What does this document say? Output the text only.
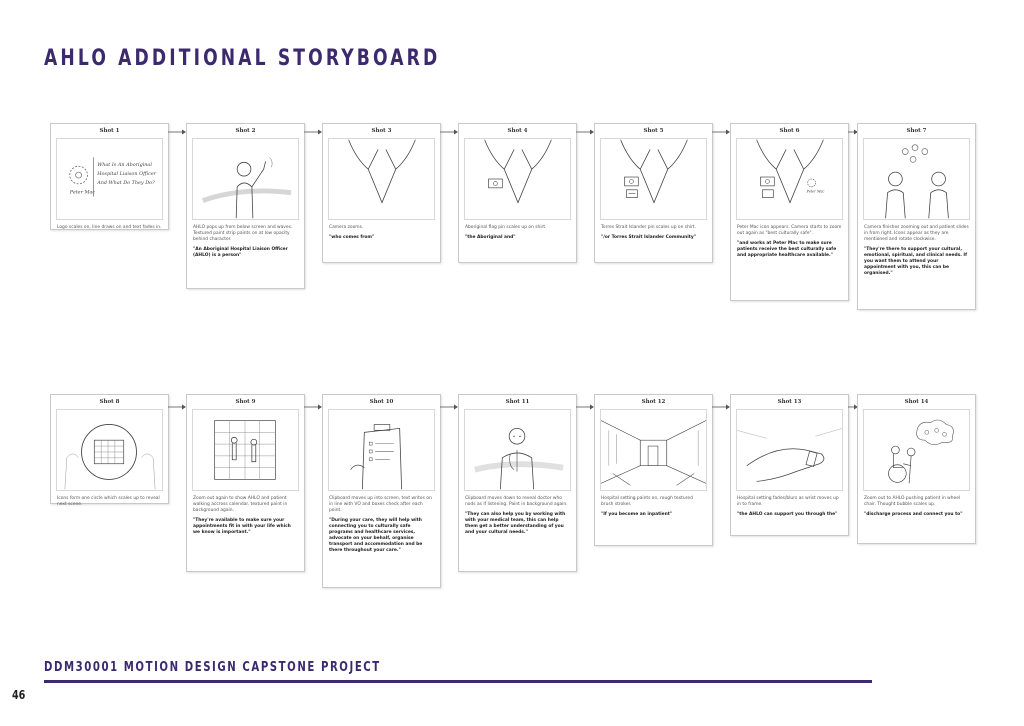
AHLO ADDITIONAL STORYBOARD
Shot 1
Peter Mac
What Is An Aboriginal
Hospital Liaison Officer
And What Do They Do?
Logo scales on, line draws on and text fades in.
Shot 2
AHLO pops up from below screen and waves. Textured paint strip paints on at low opacity behind character.
"An Aboriginal Hospital Liaison Officer (AHLO) is a person"
Shot 3
Camera zooms.
"who comes from"
Shot 4
Aboriginal flag pin scales up on shirt.
"the Aboriginal and"
Shot 5
Torres Strait Islander pin scales up on shirt.
"/or Torres Strait Islander Community"
Shot 6
Peter Mac
Peter Mac icon appears. Camera starts to zoom out again as "best culturally safe".
"and works at Peter Mac to make sure patients receive the best culturally safe and appropriate healthcare available."
Shot 7
Camera finishes zooming out and patient slides in from right. Icons appear as they are mentioned and rotate clockwise.
"They're there to support your cultural, emotional, spiritual, and clinical needs. If you want them to attend your appointment with you, this can be organised."
Shot 8
Icons form one circle which scales up to reveal next scene.
Shot 9
Zoom out again to show AHLO and patient walking accross calendar. textured paint in background again.
"They're available to make sure your appointments fit in with your life which we know is important."
Shot 10
Clipboard moves up into screen, text writes on in line with VO and boxes check after each point.
"During your care, they will help with connecting you to culturally safe programs and healthcare services, advocate on your behalf, organise transport and accommodation and be there throughout your care."
Shot 11
Clipboard moves down to reveal doctor who nods as if listening. Paint in background again.
"They can also help you by working with with your medical team, this can help them get a better understanding of you and your cultural needs."
Shot 12
Hospital setting paints on, rough textured brush strokes
"If you become an inpatient"
Shot 13
Hospital setting fades/blurs as wrist moves up in to frame.
"the AHLO can support you through the"
Shot 14
Zoom out to AHLO pushing patient in wheel chair. Thought bubble scales up.
"discharge process and connect you to"
DDM30001 MOTION DESIGN CAPSTONE PROJECT
46
